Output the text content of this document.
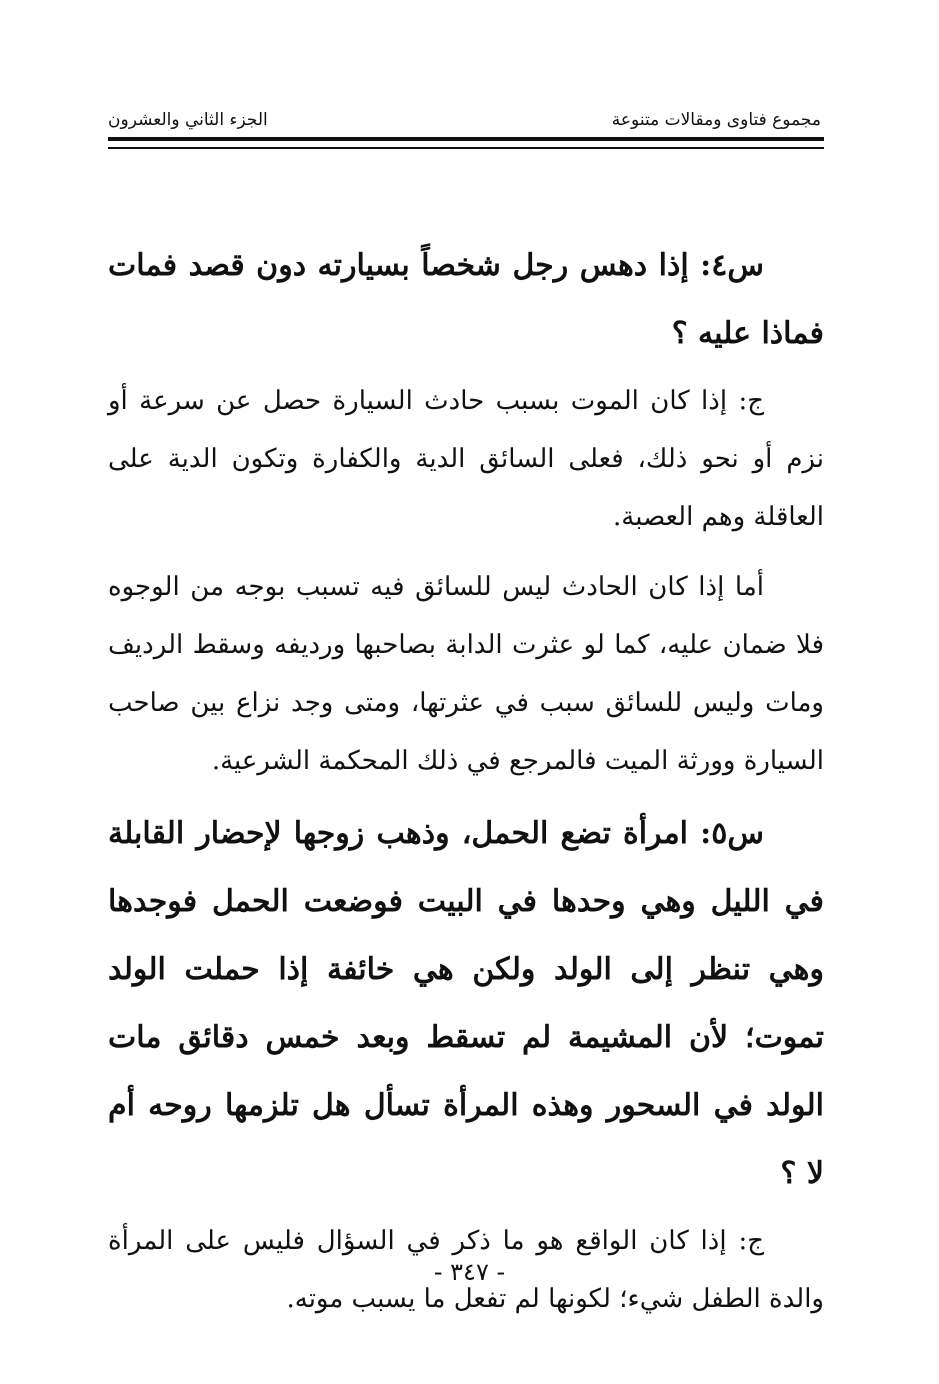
مجموع فتاوى ومقالات متنوعة
الجزء الثاني والعشرون

س٤: إذا دهس رجل شخصاً بسيارته دون قصد فمات فماذا عليه ؟

ج: إذا كان الموت بسبب حادث السيارة حصل عن سرعة أو نزم أو نحو ذلك، فعلى السائق الدية والكفارة وتكون الدية على العاقلة وهم العصبة.

أما إذا كان الحادث ليس للسائق فيه تسبب بوجه من الوجوه فلا ضمان عليه، كما لو عثرت الدابة بصاحبها ورديفه وسقط الرديف ومات وليس للسائق سبب في عثرتها، ومتى وجد نزاع بين صاحب السيارة وورثة الميت فالمرجع في ذلك المحكمة الشرعية.

س٥: امرأة تضع الحمل، وذهب زوجها لإحضار القابلة في الليل وهي وحدها في البيت فوضعت الحمل فوجدها وهي تنظر إلى الولد ولكن هي خائفة إذا حملت الولد تموت؛ لأن المشيمة لم تسقط وبعد خمس دقائق مات الولد في السحور وهذه المرأة تسأل هل تلزمها روحه أم لا ؟

ج: إذا كان الواقع هو ما ذكر في السؤال فليس على المرأة والدة الطفل شيء؛ لكونها لم تفعل ما يسبب موته.

- ٣٤٧ -
